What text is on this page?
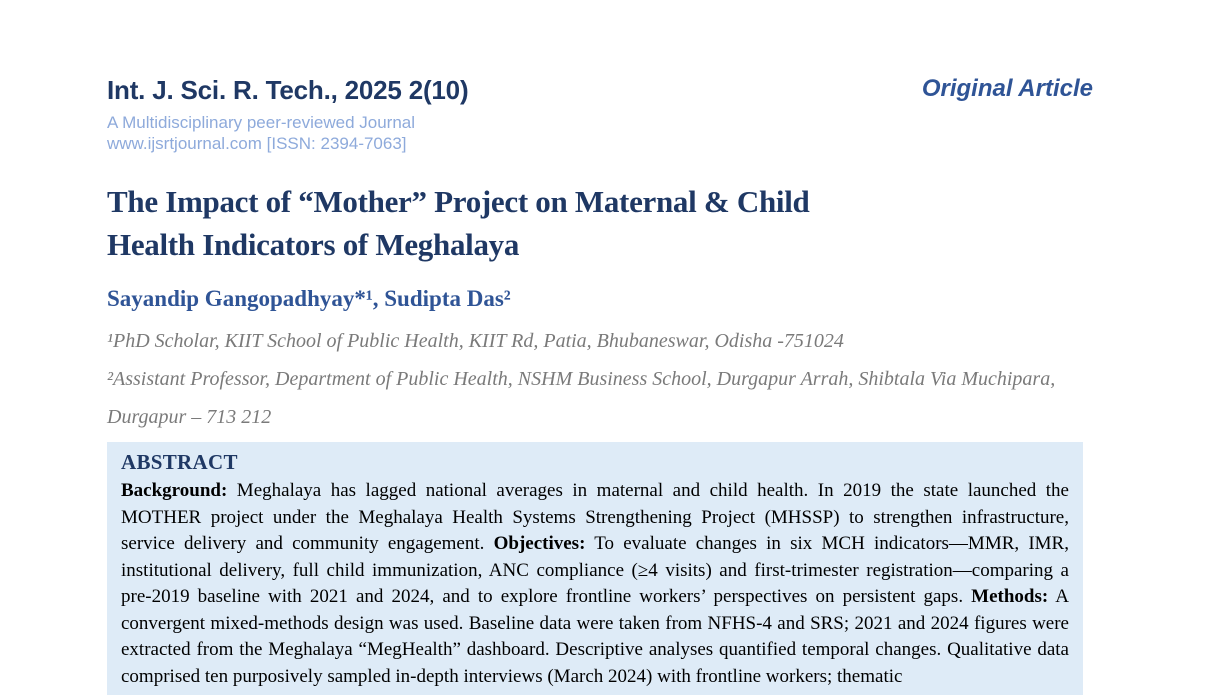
Int. J. Sci. R. Tech., 2025 2(10)
A Multidisciplinary peer-reviewed Journal
www.ijsrtjournal.com [ISSN: 2394-7063]
Original Article
The Impact of “Mother” Project on Maternal & Child
Health Indicators of Meghalaya
Sayandip Gangopadhyay*¹, Sudipta Das²

¹PhD Scholar, KIIT School of Public Health, KIIT Rd, Patia, Bhubaneswar, Odisha -751024

²Assistant Professor, Department of Public Health, NSHM Business School, Durgapur Arrah, Shibtala Via Muchipara, Durgapur – 713 212

ABSTRACT

Background: Meghalaya has lagged national averages in maternal and child health. In 2019 the state launched the MOTHER project under the Meghalaya Health Systems Strengthening Project (MHSSP) to strengthen infrastructure, service delivery and community engagement. Objectives: To evaluate changes in six MCH indicators—MMR, IMR, institutional delivery, full child immunization, ANC compliance (≥4 visits) and first-trimester registration—comparing a pre-2019 baseline with 2021 and 2024, and to explore frontline workers’ perspectives on persistent gaps. Methods: A convergent mixed-methods design was used. Baseline data were taken from NFHS-4 and SRS; 2021 and 2024 figures were extracted from the Meghalaya “MegHealth” dashboard. Descriptive analyses quantified temporal changes. Qualitative data comprised ten purposively sampled in-depth interviews (March 2024) with frontline workers; thematic
